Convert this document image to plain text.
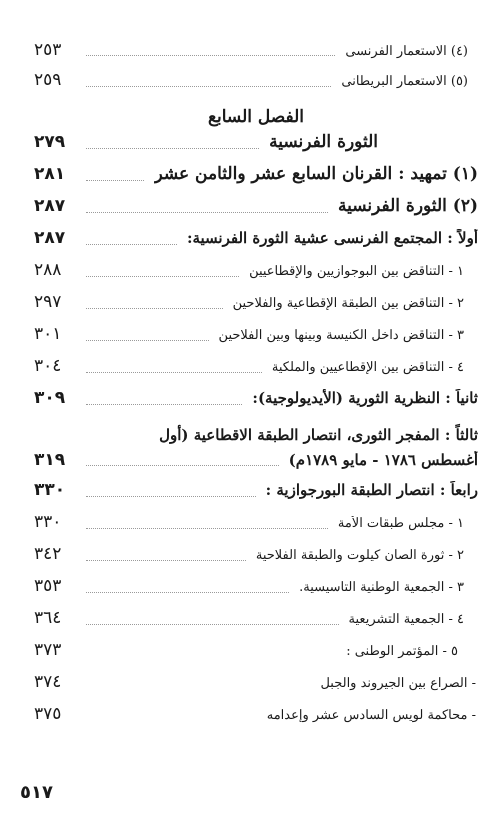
(٤) الاستعمار الفرنسى
٢٥٣
(٥) الاستعمار البريطانى
٢٥٩
الفصل السابع
الثورة الفرنسية
٢٧٩
(١) تمهيد : القرنان السابع عشر والثامن عشر
٢٨١
(٢) الثورة الفرنسية
٢٨٧
أولاً : المجتمع الفرنسى عشية الثورة الفرنسية:
٢٨٧
١ - التناقض بين البوجوازيين والإقطاعيين
٢٨٨
٢ - التناقض بين الطبقة الإقطاعية والفلاحين
٢٩٧
٣ - التناقض داخل الكنيسة وبينها وبين الفلاحين
٣٠١
٤ - التناقض بين الإقطاعيين والملكية
٣٠٤
ثانياً : النظرية الثورية (الأيديولوجية):
٣٠٩
ثالثاً : المفجر الثورى، انتصار الطبقة الاقطاعية (أول
أغسطس ١٧٨٦ - مايو ١٧٨٩م)
٣١٩
رابعاً : انتصار الطبقة البورجوازية :
٣٣٠
١ - مجلس طبقات الأمة
٣٣٠
٢ - ثورة الصان كيلوت والطبقة الفلاحية
٣٤٢
٣ - الجمعية الوطنية التأسيسية.
٣٥٣
٤ - الجمعية التشريعية
٣٦٤
٥ - المؤتمر الوطنى :
٣٧٣
- الصراع بين الجيروند والجبل
٣٧٤
- محاكمة لويس السادس عشر وإعدامه
٣٧٥
٥١٧
